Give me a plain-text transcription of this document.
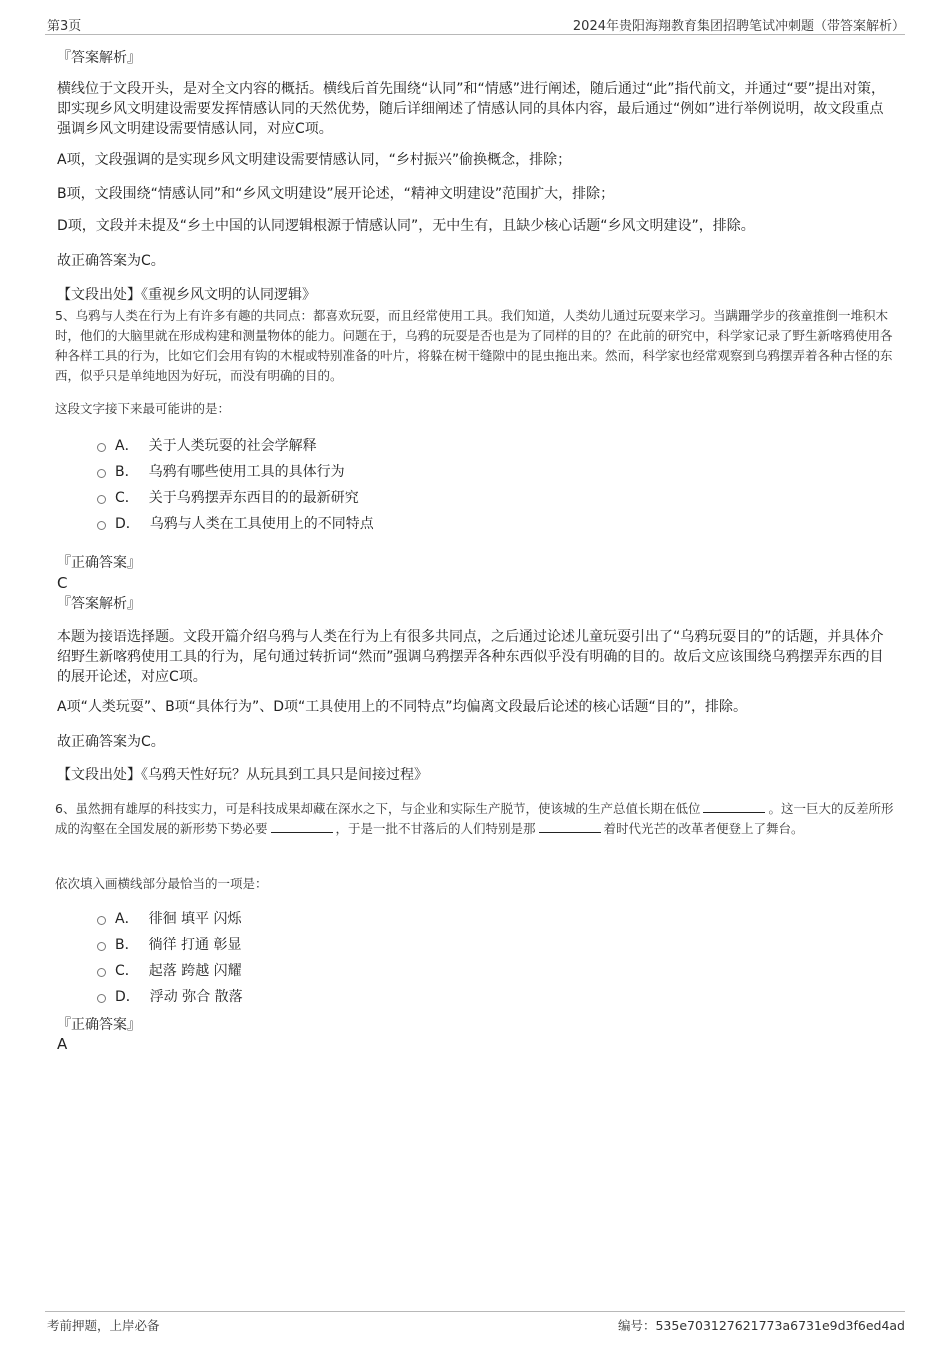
第3页	2024年贵阳海翔教育集团招聘笔试冲刺题（带答案解析）
『答案解析』
横线位于文段开头，是对全文内容的概括。横线后首先围绕“认同”和“情感”进行阐述，随后通过“此”指代前文，并通过“要”提出对策，即实现乡风文明建设需要发挥情感认同的天然优势，随后详细阐述了情感认同的具体内容，最后通过“例如”进行举例说明，故文段重点强调乡风文明建设需要情感认同，对应C项。
A项，文段强调的是实现乡风文明建设需要情感认同，“乡村振兴”偷换概念，排除；
B项，文段围绕“情感认同”和“乡风文明建设”展开论述，“精神文明建设”范围扩大，排除；
D项，文段并未提及“乡土中国的认同逻辑根源于情感认同”，无中生有，且缺少核心话题“乡风文明建设”，排除。
故正确答案为C。
【文段出处】《重视乡风文明的认同逻辑》
5、乌鸦与人类在行为上有许多有趣的共同点：都喜欢玩耍，而且经常使用工具。我们知道，人类幼儿通过玩耍来学习。当蹒跚学步的孩童推倒一堆积木时，他们的大脑里就在形成构建和测量物体的能力。问题在于，乌鸦的玩耍是否也是为了同样的目的？在此前的研究中，科学家记录了野生新喀鸦使用各种各样工具的行为，比如它们会用有钩的木棍或特别准备的叶片，将躲在树干缝隙中的昆虫拖出来。然而，科学家也经常观察到乌鸦摆弄着各种古怪的东西，似乎只是单纯地因为好玩，而没有明确的目的。
这段文字接下来最可能讲的是：
A． 关于人类玩耍的社会学解释
B． 乌鸦有哪些使用工具的具体行为
C． 关于乌鸦摆弄东西目的的最新研究
D． 乌鸦与人类在工具使用上的不同特点
『正确答案』
C
『答案解析』
本题为接语选择题。文段开篇介绍乌鸦与人类在行为上有很多共同点，之后通过论述儿童玩耍引出了“乌鸦玩耍目的”的话题，并具体介绍野生新喀鸦使用工具的行为，尾句通过转折词“然而”强调乌鸦摆弄各种东西似乎没有明确的目的。故后文应该围绕乌鸦摆弄东西的目的展开论述，对应C项。
A项“人类玩耍”、B项“具体行为”、D项“工具使用上的不同特点”均偏离文段最后论述的核心话题“目的”，排除。
故正确答案为C。
【文段出处】《乌鸦天性好玩？从玩具到工具只是间接过程》
6、虽然拥有雄厚的科技实力，可是科技成果却藏在深水之下，与企业和实际生产脱节，使该城的生产总值长期在低位	。这一巨大的反差所形成的沟壑在全国发展的新形势下势必要	，于是一批不甘落后的人们特别是那	着时代光芒的改革者便登上了舞台。
依次填入画横线部分最恰当的一项是：
A． 徘徊 填平 闪烁
B． 徜徉 打通 彰显
C． 起落 跨越 闪耀
D． 浮动 弥合 散落
『正确答案』
A
考前押题，上岸必备	编号：535e703127621773a6731e9d3f6ed4ad
